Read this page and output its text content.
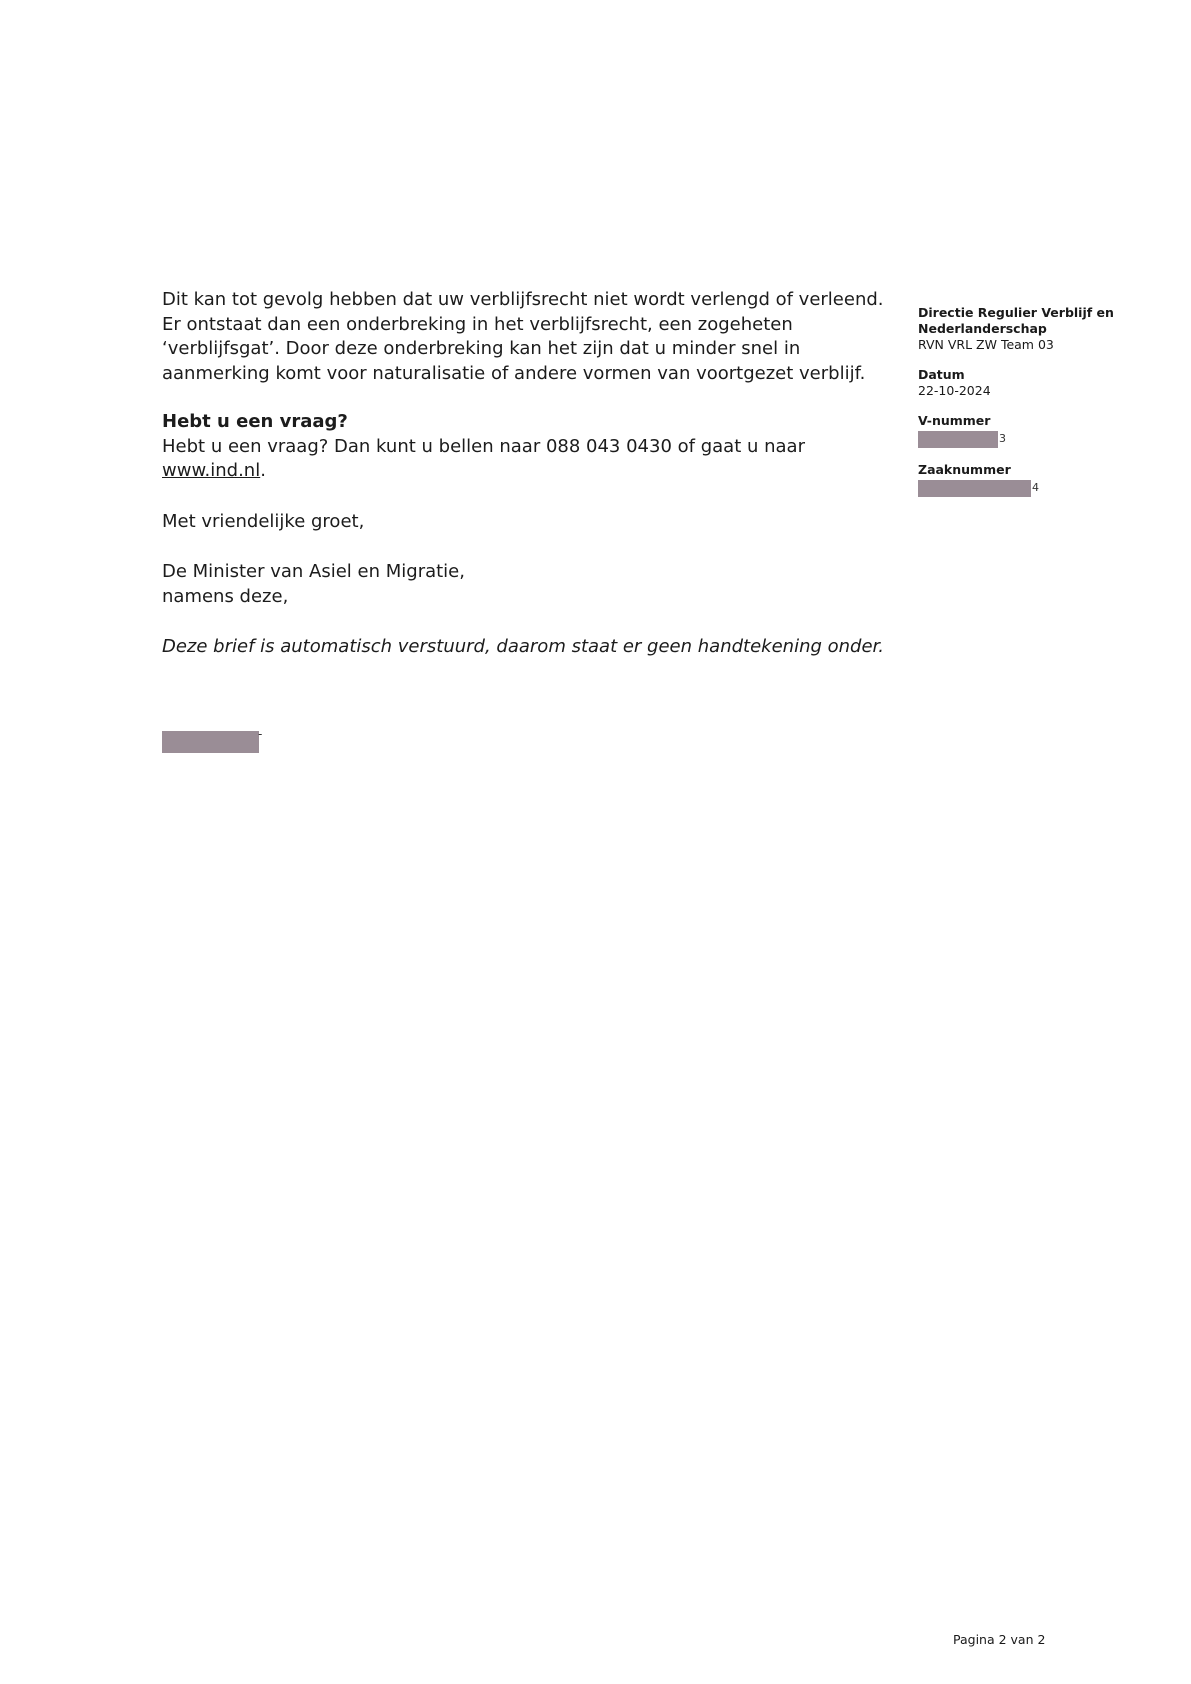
Dit kan tot gevolg hebben dat uw verblijfsrecht niet wordt verlengd of verleend. Er ontstaat dan een onderbreking in het verblijfsrecht, een zogeheten ‘verblijfsgat’. Door deze onderbreking kan het zijn dat u minder snel in aanmerking komt voor naturalisatie of andere vormen van voortgezet verblijf.

Hebt u een vraag?

Hebt u een vraag? Dan kunt u bellen naar 088 043 0430 of gaat u naar www.ind.nl.

Met vriendelijke groet,

De Minister van Asiel en Migratie,

namens deze,

Deze brief is automatisch verstuurd, daarom staat er geen handtekening onder.

-

Directie Regulier Verblijf en

Nederlanderschap

RVN VRL ZW Team 03

Datum

22-10-2024

V-nummer

3

Zaaknummer

4
Pagina 2 van 2
